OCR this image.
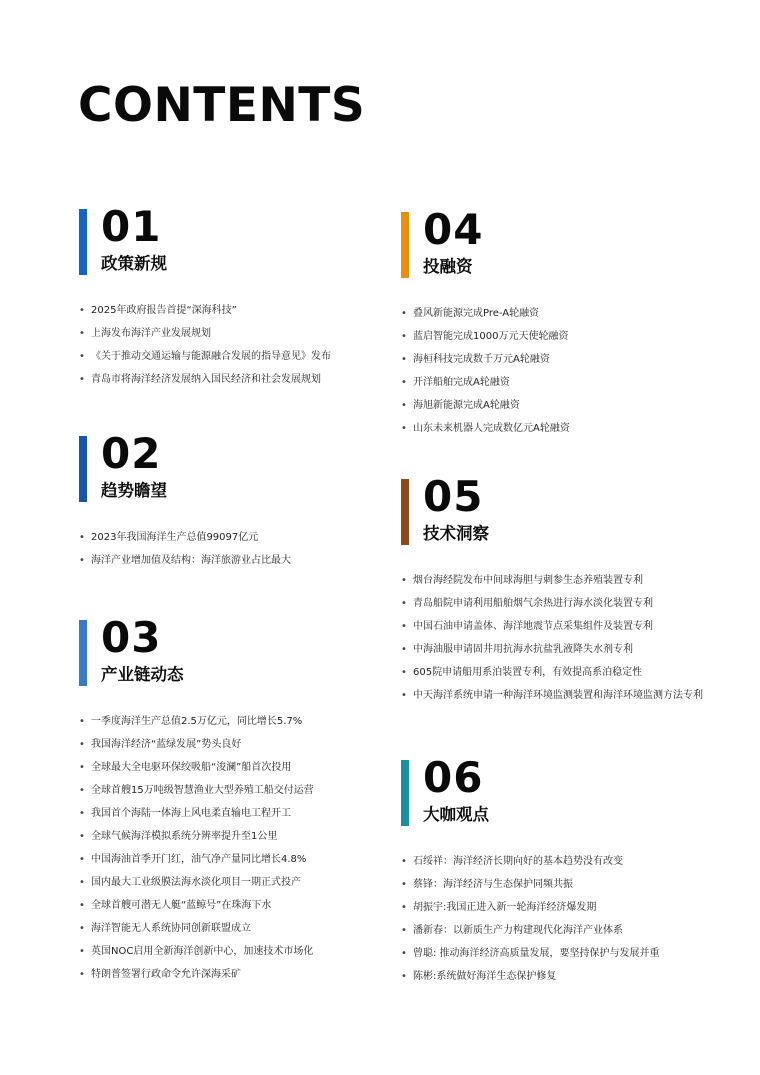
CONTENTS
01
政策新规
• 2025年政府报告首提“深海科技”
• 上海发布海洋产业发展规划
• 《关于推动交通运输与能源融合发展的指导意见》发布
• 青岛市将海洋经济发展纳入国民经济和社会发展规划
02
趋势瞻望
• 2023年我国海洋生产总值99097亿元
• 海洋产业增加值及结构：海洋旅游业占比最大
03
产业链动态
• 一季度海洋生产总值2.5万亿元，同比增长5.7%
• 我国海洋经济“蓝绿发展”势头良好
• 全球最大全电驱环保绞吸船“浚澜”船首次投用
• 全球首艘15万吨级智慧渔业大型养殖工船交付运营
• 我国首个海陆一体海上风电柔直输电工程开工
• 全球气候海洋模拟系统分辨率提升至1公里
• 中国海油首季开门红，油气净产量同比增长4.8%
• 国内最大工业级膜法海水淡化项目一期正式投产
• 全球首艘可潜无人艇“蓝鲸号”在珠海下水
• 海洋智能无人系统协同创新联盟成立
• 英国NOC启用全新海洋创新中心，加速技术市场化
• 特朗普签署行政命令允许深海采矿
04
投融资
• 叠风新能源完成Pre-A轮融资
• 蓝启智能完成1000万元天使轮融资
• 海桓科技完成数千万元A轮融资
• 开洋船舶完成A轮融资
• 海旭新能源完成A轮融资
• 山东未来机器人完成数亿元A轮融资
05
技术洞察
• 烟台海经院发布中间球海胆与刺参生态养殖装置专利
• 青岛船院申请利用船舶烟气余热进行海水淡化装置专利
• 中国石油申请盖体、海洋地震节点采集组件及装置专利
• 中海油服申请固井用抗海水抗盐乳液降失水剂专利
• 605院申请船用系泊装置专利，有效提高系泊稳定性
• 中天海洋系统申请一种海洋环境监测装置和海洋环境监测方法专利
06
大咖观点
• 石绥祥：海洋经济长期向好的基本趋势没有改变
• 蔡锋：海洋经济与生态保护同频共振
• 胡振宇:我国正进入新一轮海洋经济爆发期
• 潘新春：以新质生产力构建现代化海洋产业体系
• 曾聪: 推动海洋经济高质量发展，要坚持保护与发展并重
• 陈彬:系统做好海洋生态保护修复
